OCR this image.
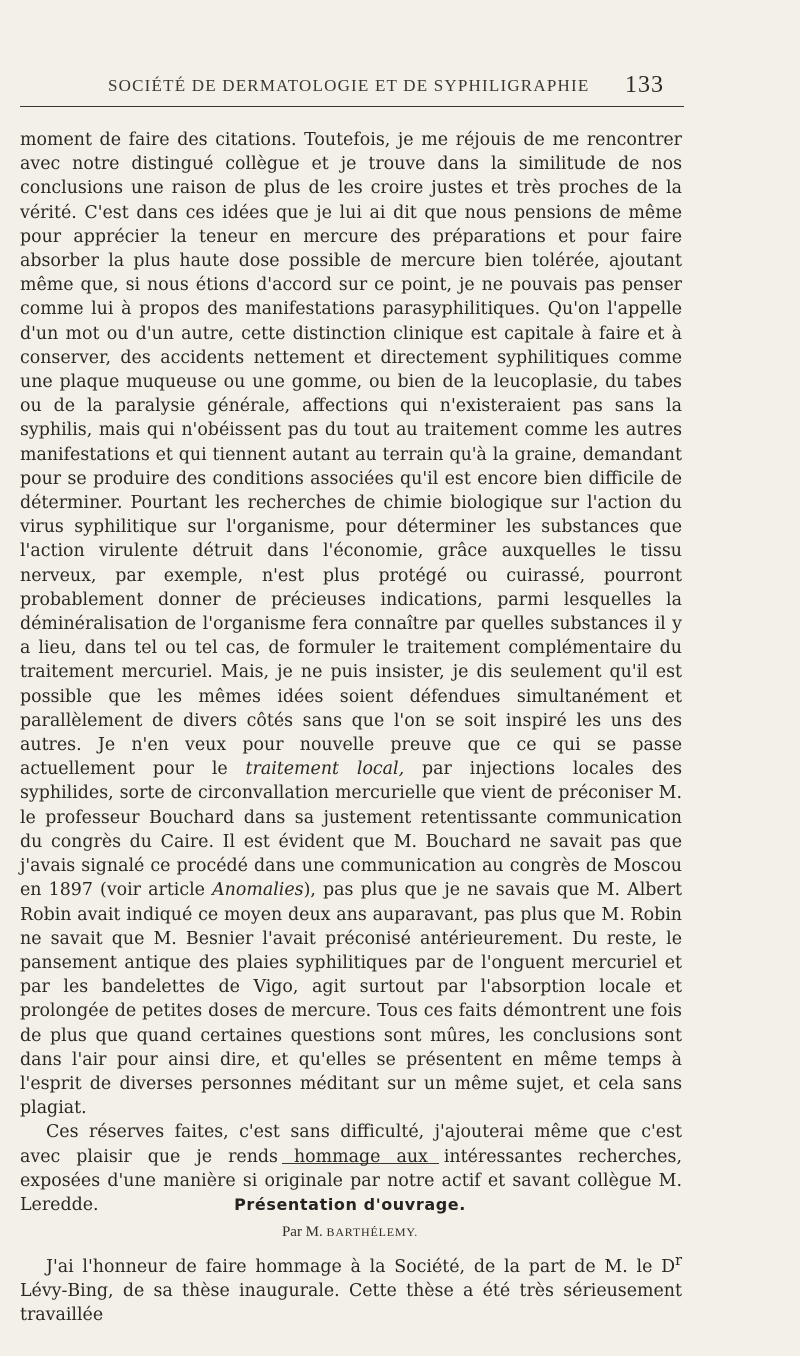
SOCIÉTÉ DE DERMATOLOGIE ET DE SYPHILIGRAPHIE 133

moment de faire des citations. Toutefois, je me réjouis de me rencontrer avec notre distingué collègue et je trouve dans la similitude de nos conclusions une raison de plus de les croire justes et très proches de la vérité. C'est dans ces idées que je lui ai dit que nous pensions de même pour apprécier la teneur en mercure des préparations et pour faire absorber la plus haute dose possible de mercure bien tolérée, ajoutant même que, si nous étions d'accord sur ce point, je ne pouvais pas penser comme lui à propos des manifestations parasyphilitiques. Qu'on l'appelle d'un mot ou d'un autre, cette distinction clinique est capitale à faire et à conserver, des accidents nettement et directement syphilitiques comme une plaque muqueuse ou une gomme, ou bien de la leucoplasie, du tabes ou de la paralysie générale, affections qui n'existeraient pas sans la syphilis, mais qui n'obéissent pas du tout au traitement comme les autres manifestations et qui tiennent autant au terrain qu'à la graine, demandant pour se produire des conditions associées qu'il est encore bien difficile de déterminer. Pourtant les recherches de chimie biologique sur l'action du virus syphilitique sur l'organisme, pour déterminer les substances que l'action virulente détruit dans l'économie, grâce auxquelles le tissu nerveux, par exemple, n'est plus protégé ou cuirassé, pourront probablement donner de précieuses indications, parmi lesquelles la déminéralisation de l'organisme fera connaître par quelles substances il y a lieu, dans tel ou tel cas, de formuler le traitement complémentaire du traitement mercuriel. Mais, je ne puis insister, je dis seulement qu'il est possible que les mêmes idées soient défendues simultanément et parallèlement de divers côtés sans que l'on se soit inspiré les uns des autres. Je n'en veux pour nouvelle preuve que ce qui se passe actuellement pour le traitement local, par injections locales des syphilides, sorte de circonvallation mercurielle que vient de préconiser M. le professeur Bouchard dans sa justement retentissante communication du congrès du Caire. Il est évident que M. Bouchard ne savait pas que j'avais signalé ce procédé dans une communication au congrès de Moscou en 1897 (voir article Anomalies), pas plus que je ne savais que M. Albert Robin avait indiqué ce moyen deux ans auparavant, pas plus que M. Robin ne savait que M. Besnier l'avait préconisé antérieurement. Du reste, le pansement antique des plaies syphilitiques par de l'onguent mercuriel et par les bandelettes de Vigo, agit surtout par l'absorption locale et prolongée de petites doses de mercure. Tous ces faits démontrent une fois de plus que quand certaines questions sont mûres, les conclusions sont dans l'air pour ainsi dire, et qu'elles se présentent en même temps à l'esprit de diverses personnes méditant sur un même sujet, et cela sans plagiat.

Ces réserves faites, c'est sans difficulté, j'ajouterai même que c'est avec plaisir que je rends hommage aux intéressantes recherches, exposées d'une manière si originale par notre actif et savant collègue M. Leredde.	Présentation d'ouvrage.
Par M. BARTHÉLEMY.

J'ai l'honneur de faire hommage à la Société, de la part de M. le $D^r$ Lévy-Bing, de sa thèse inaugurale. Cette thèse a été très sérieusement travaillée
